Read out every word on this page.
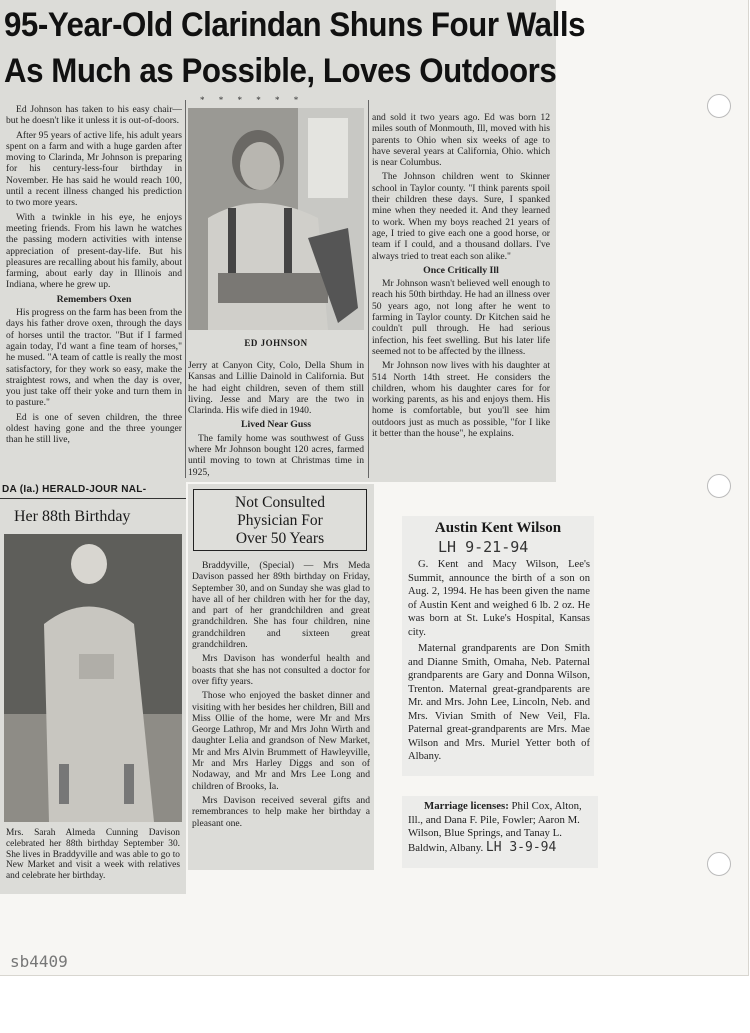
95-Year-Old Clarindan Shuns Four Walls
As Much as Possible, Loves Outdoors
* * * * * *

Ed Johnson has taken to his easy chair—but he doesn't like it unless it is out-of-doors.

After 95 years of active life, his adult years spent on a farm and with a huge garden after moving to Clarinda, Mr Johnson is preparing for his century-less-four birthday in November. He has said he would reach 100, until a recent illness changed his prediction to two more years.

With a twinkle in his eye, he enjoys meeting friends. From his lawn he watches the passing modern activities with intense appreciation of present-day-life. But his pleasures are recalling about his family, about farming, about early day in Illinois and Indiana, where he grew up.

Remembers Oxen

His progress on the farm has been from the days his father drove oxen, through the days of horses until the tractor. "But if I farmed again today, I'd want a fine team of horses," he mused. "A team of cattle is really the most satisfactory, for they work so easy, make the straightest rows, and when the day is over, you just take off their yoke and turn them in to pasture."

Ed is one of seven children, the three oldest having gone and the three younger than he still live,

ED JOHNSON

Jerry at Canyon City, Colo, Della Shum in Kansas and Lillie Dainold in California. But he had eight children, seven of them still living. Jesse and Mary are the two in Clarinda. His wife died in 1940.

Lived Near Guss

The family home was southwest of Guss where Mr Johnson bought 120 acres, farmed until moving to town at Christmas time in 1925,

and sold it two years ago. Ed was born 12 miles south of Monmouth, Ill, moved with his parents to Ohio when six weeks of age to have several years at California, Ohio. which is near Columbus.

The Johnson children went to Skinner school in Taylor county. "I think parents spoil their children these days. Sure, I spanked mine when they needed it. And they learned to work. When my boys reached 21 years of age, I tried to give each one a good horse, or team if I could, and a thousand dollars. I've always tried to treat each son alike."

Once Critically Ill

Mr Johnson wasn't believed well enough to reach his 50th birthday. He had an illness over 50 years ago, not long after he went to farming in Taylor county. Dr Kitchen said he couldn't pull through. He had serious infection, his feet swelling. But his later life seemed not to be affected by the illness.

Mr Johnson now lives with his daughter at 514 North 14th street. He considers the children, whom his daughter cares for for working parents, as his and enjoys them. His home is comfortable, but you'll see him outdoors just as much as possible, "for I like it better than the house", he explains.

DA (Ia.) HERALD-JOUR NAL-
Her 88th Birthday
Mrs. Sarah Almeda Cunning Davison celebrated her 88th birthday September 30. She lives in Braddyville and was able to go to New Market and visit a week with relatives and celebrate her birthday.
Not Consulted
Physician For
Over 50 Years

Braddyville, (Special) — Mrs Meda Davison passed her 89th birthday on Friday, September 30, and on Sunday she was glad to have all of her children with her for the day, and part of her grandchildren and great grandchildren. She has four children, nine grandchildren and sixteen great grandchildren.

Mrs Davison has wonderful health and boasts that she has not consulted a doctor for over fifty years.

Those who enjoyed the basket dinner and visiting with her besides her children, Bill and Miss Ollie of the home, were Mr and Mrs George Lathrop, Mr and Mrs John Wirth and daughter Lelia and grandson of New Market, Mr and Mrs Alvin Brummett of Hawleyville, Mr and Mrs Harley Diggs and son of Nodaway, and Mr and Mrs Lee Long and children of Brooks, Ia.

Mrs Davison received several gifts and remembrances to help make her birthday a pleasant one.

Austin Kent Wilson
LH 9-21-94

G. Kent and Macy Wilson, Lee's Summit, announce the birth of a son on Aug. 2, 1994. He has been given the name of Austin Kent and weighed 6 lb. 2 oz. He was born at St. Luke's Hospital, Kansas city.

Maternal grandparents are Don Smith and Dianne Smith, Omaha, Neb. Paternal grandparents are Gary and Donna Wilson, Trenton. Maternal great-grandparents are Mr. and Mrs. John Lee, Lincoln, Neb. and Mrs. Vivian Smith of New Veil, Fla. Paternal great-grandparents are Mrs. Mae Wilson and Mrs. Muriel Yetter both of Albany.

Marriage licenses: Phil Cox, Alton, Ill., and Dana F. Pile, Fowler; Aaron M. Wilson, Blue Springs, and Tanay L. Baldwin, Albany. LH 3-9-94
sb4409
